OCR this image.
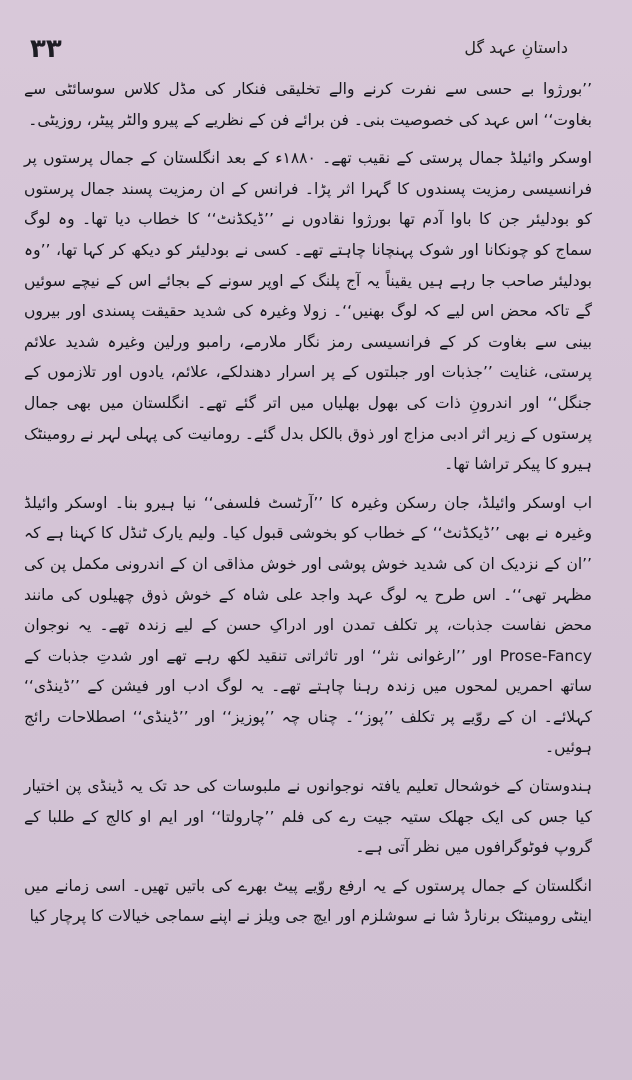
۳۳	داستانِ عہد گل

’’بورژوا بے حسی سے نفرت کرنے والے تخلیقی فنکار کی مڈل کلاس سوسائٹی سے بغاوت‘‘ اس عہد کی خصوصیت بنی۔ فن برائے فن کے نظریے کے پیرو والٹر پیٹر، روزیٹی۔

اوسکر وائیلڈ جمال پرستی کے نقیب تھے۔ ۱۸۸۰ء کے بعد انگلستان کے جمال پرستوں پر فرانسیسی رمزیت پسندوں کا گہرا اثر پڑا۔ فرانس کے ان رمزیت پسند جمال پرستوں کو بودلیئر جن کا باوا آدم تھا بورژوا نقادوں نے ’’ڈیکڈنٹ‘‘ کا خطاب دیا تھا۔ وہ لوگ سماج کو چونکانا اور شوک پہنچانا چاہتے تھے۔ کسی نے بودلیئر کو دیکھ کر کہا تھا، ’’وہ بودلیئر صاحب جا رہے ہیں یقیناً یہ آج پلنگ کے اوپر سونے کے بجائے اس کے نیچے سوئیں گے تاکہ محض اس لیے کہ لوگ بھنیں‘‘۔ زولا وغیرہ کی شدید حقیقت پسندی اور بیروں بینی سے بغاوت کر کے فرانسیسی رمز نگار ملارمے، رامبو ورلین وغیرہ شدید علائم پرستی، غنایت ’’جذبات اور جبلتوں کے پر اسرار دھندلکے، علائم، یادوں اور تلازموں کے جنگل‘‘ اور اندرونِ ذات کی بھول بھلیاں میں اتر گئے تھے۔ انگلستان میں بھی جمال پرستوں کے زیر اثر ادبی مزاج اور ذوق بالکل بدل گئے۔ رومانیت کی پہلی لہر نے رومینٹک ہیرو کا پیکر تراشا تھا۔

اب اوسکر وائیلڈ، جان رسکن وغیرہ کا ’’آرٹسٹ فلسفی‘‘ نیا ہیرو بنا۔ اوسکر وائیلڈ وغیرہ نے بھی ’’ڈیکڈنٹ‘‘ کے خطاب کو بخوشی قبول کیا۔ ولیم یارک ٹنڈل کا کہنا ہے کہ ’’ان کے نزدیک ان کی شدید خوش پوشی اور خوش مذاقی ان کے اندرونی مکمل پن کی مظہر تھی‘‘۔ اس طرح یہ لوگ عہد واجد علی شاہ کے خوش ذوق چھیلوں کی مانند محض نفاست جذبات، پر تکلف تمدن اور ادراکِ حسن کے لیے زندہ تھے۔ یہ نوجوان Prose-Fancy اور ’’ارغوانی نثر‘‘ اور تاثراتی تنقید لکھ رہے تھے اور شدتِ جذبات کے ساتھ احمریں لمحوں میں زندہ رہنا چاہتے تھے۔ یہ لوگ ادب اور فیشن کے ’’ڈینڈی‘‘ کہلائے۔ ان کے روّیے پر تکلف ’’پوز‘‘۔ چناں چہ ’’پوزیز‘‘ اور ’’ڈینڈی‘‘ اصطلاحات رائج ہوئیں۔

ہندوستان کے خوشحال تعلیم یافتہ نوجوانوں نے ملبوسات کی حد تک یہ ڈینڈی پن اختیار کیا جس کی ایک جھلک ستیہ جیت رے کی فلم ’’چارولتا‘‘ اور ایم او کالج کے طلبا کے گروپ فوٹوگرافوں میں نظر آتی ہے۔

انگلستان کے جمال پرستوں کے یہ ارفع روّیے پیٹ بھرے کی باتیں تھیں۔ اسی زمانے میں اینٹی رومینٹک برنارڈ شا نے سوشلزم اور ایچ جی ویلز نے اپنے سماجی خیالات کا پرچار کیا
